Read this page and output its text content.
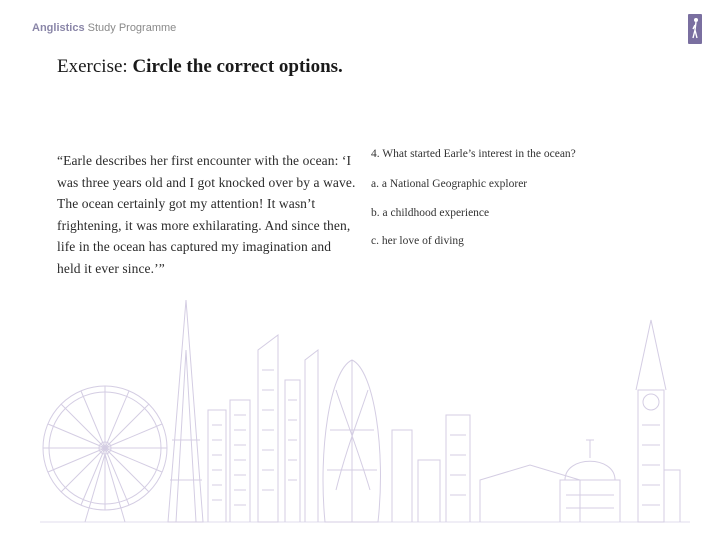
Anglistics Study Programme
Exercise: Circle the correct options.
“Earle describes her first encounter with the ocean: ‘I was three years old and I got knocked over by a wave. The ocean certainly got my attention! It wasn’t frightening, it was more exhilarating. And since then, life in the ocean has captured my imagination and held it ever since.’”
4. What started Earle’s interest in the ocean?
a. a National Geographic explorer
b. a childhood experience
c. her love of diving
